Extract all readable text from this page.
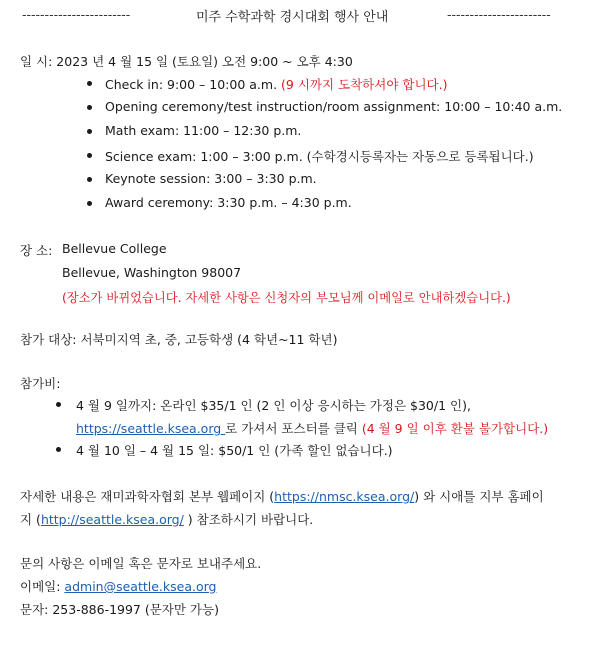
------------------------	미주 수학과학 경시대회 행사 안내	-----------------------
일 시: 2023 년 4 월 15 일 (토요일) 오전 9:00 ~ 오후 4:30
Check in: 9:00 – 10:00 a.m. (9 시까지 도착하셔야 합니다.)
Opening ceremony/test instruction/room assignment: 10:00 – 10:40 a.m.
Math exam: 11:00 – 12:30 p.m.
Science exam: 1:00 – 3:00 p.m. (수학경시등록자는 자동으로 등록됩니다.)
Keynote session: 3:00 – 3:30 p.m.
Award ceremony: 3:30 p.m. – 4:30 p.m.
장 소: Bellevue College
Bellevue, Washington 98007
(장소가 바뀌었습니다. 자세한 사항은 신청자의 부모님께 이메일로 안내하겠습니다.)
참가 대상: 서북미지역 초, 중, 고등학생 (4 학년~11 학년)
참가비:
4 월 9 일까지: 온라인 $35/1 인 (2 인 이상 응시하는 가정은 $30/1 인),
https://seattle.ksea.org 로 가셔서 포스터를 클릭 (4 월 9 일 이후 환불 불가합니다.)
4 월 10 일 – 4 월 15 일: $50/1 인 (가족 할인 없습니다.)
자세한 내용은 재미과학자협회 본부 웹페이지 (https://nmsc.ksea.org/) 와 시애틀 지부 홈페이
지 (http://seattle.ksea.org/ ) 참조하시기 바랍니다.
문의 사항은 이메일 혹은 문자로 보내주세요.
이메일: admin@seattle.ksea.org
문자: 253-886-1997 (문자만 가능)
